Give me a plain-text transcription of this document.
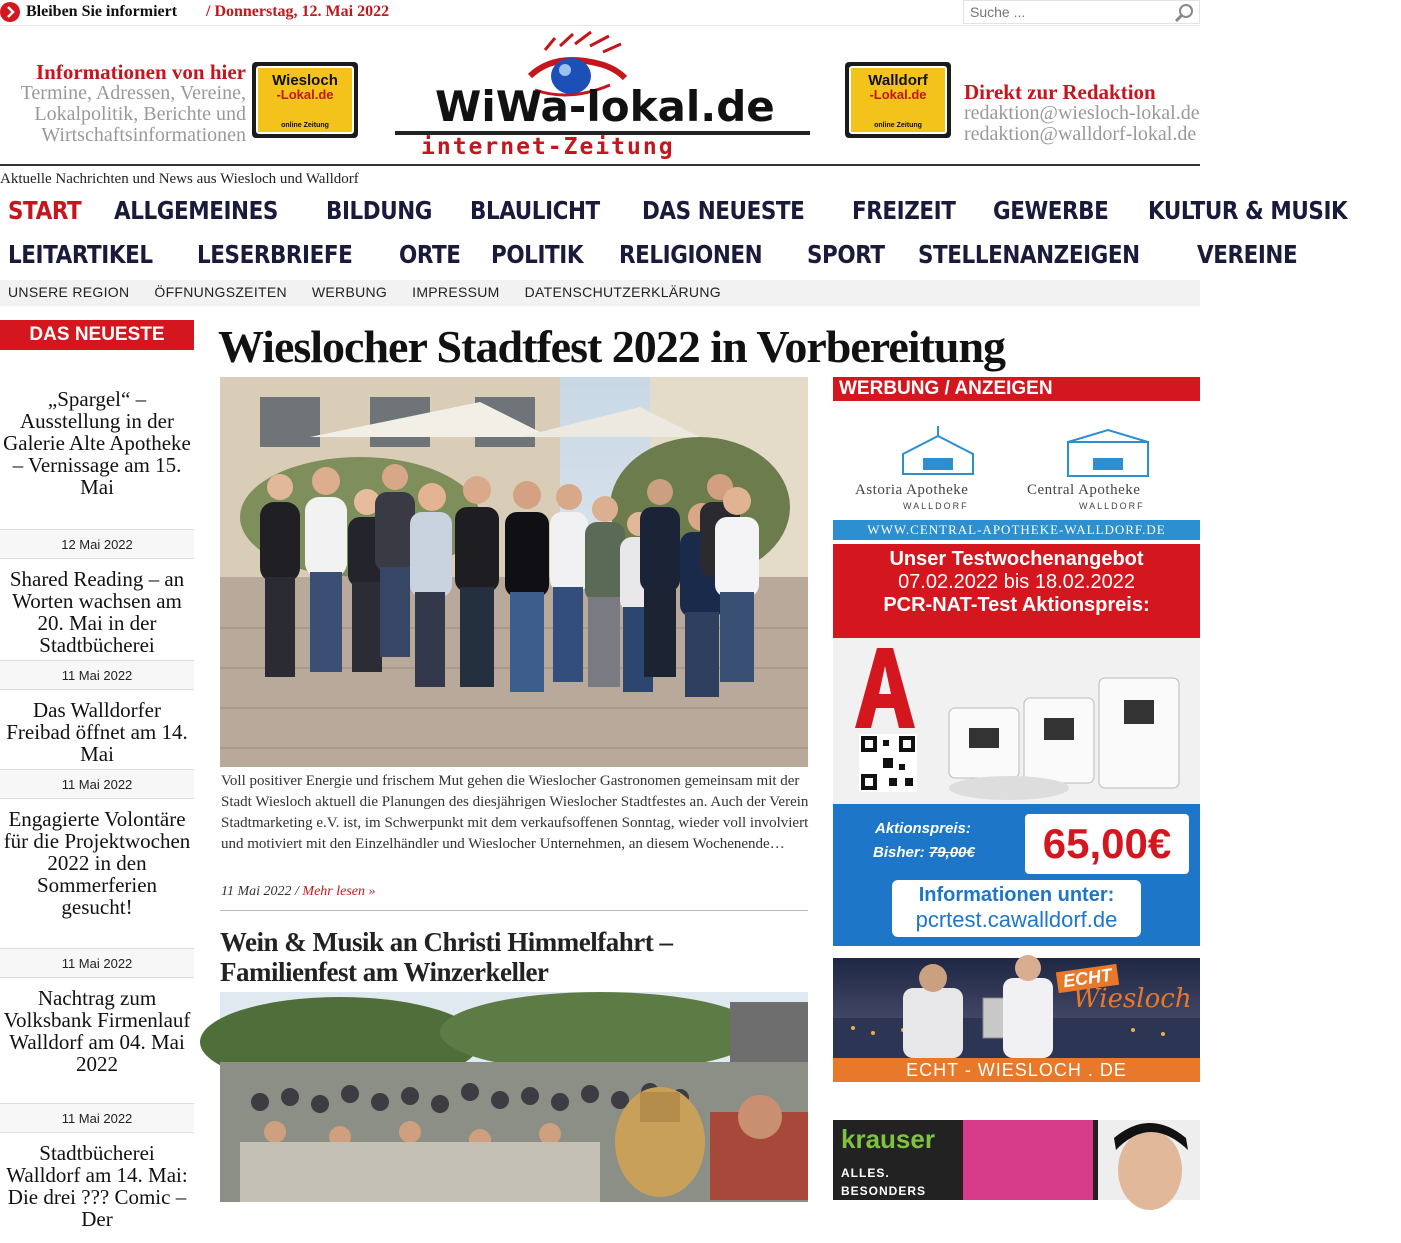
Bleiben Sie informiert / Donnerstag, 12. Mai 2022
Suche ...
Informationen von hier
Termine, Adressen, Vereine,
Lokalpolitik, Berichte und
Wirtschaftsinformationen
Wiesloch
-Lokal.de
online Zeitung	WiWa-lokal.de
internet-Zeitung
Walldorf
-Lokal.de
online Zeitung
Direkt zur Redaktion
redaktion@wiesloch-lokal.de
redaktion@walldorf-lokal.de
Aktuelle Nachrichten und News aus Wiesloch und Walldorf
START ALLGEMEINES BILDUNG BLAULICHT DAS NEUESTE FREIZEIT GEWERBE KULTUR & MUSIK
LEITARTIKEL LESERBRIEFE ORTE POLITIK RELIGIONEN SPORT STELLENANZEIGEN VEREINE
UNSERE REGION ÖFFNUNGSZEITEN WERBUNG IMPRESSUM DATENSCHUTZERKLÄRUNG
DAS NEUESTE
„Spargel“ – Ausstellung in der Galerie Alte Apotheke – Vernissage am 15. Mai
12 Mai 2022
Shared Reading – an Worten wachsen am 20. Mai in der Stadtbücherei
11 Mai 2022
Das Walldorfer Freibad öffnet am 14. Mai
11 Mai 2022
Engagierte Volontäre für die Projektwochen 2022 in den Sommerferien gesucht!
11 Mai 2022
Nachtrag zum Volksbank Firmenlauf Walldorf am 04. Mai 2022
11 Mai 2022
Stadtbücherei Walldorf am 14. Mai: Die drei ??? Comic – Der
Wieslocher Stadtfest 2022 in Vorbereitung
Voll positiver Energie und frischem Mut gehen die Wieslocher Gastronomen gemeinsam mit der Stadt Wiesloch aktuell die Planungen des diesjährigen Wieslocher Stadtfestes an. Auch der Verein Stadtmarketing e.V. ist, im Schwerpunkt mit dem verkaufsoffenen Sonntag, wieder voll involviert und motiviert mit den Einzelhändler und Wieslocher Unternehmen, an diesem Wochenende…
11 Mai 2022 / Mehr lesen »
Wein & Musik an Christi Himmelfahrt – Familienfest am Winzerkeller
WERBUNG / ANZEIGEN
Astoria Apotheke	Central Apotheke
WALLDORF	WALLDORF
WWW.CENTRAL-APOTHEKE-WALLDORF.DE
Unser Testwochenangebot
07.02.2022 bis 18.02.2022
PCR-NAT-Test Aktionspreis:
Aktionspreis:
Bisher: 79,00€	65,00€
Informationen unter:
pcrtest.cawalldorf.de
ECHT
Wiesloch
ECHT - WIESLOCH . DE
krauser
ALLES.
BESONDERS
